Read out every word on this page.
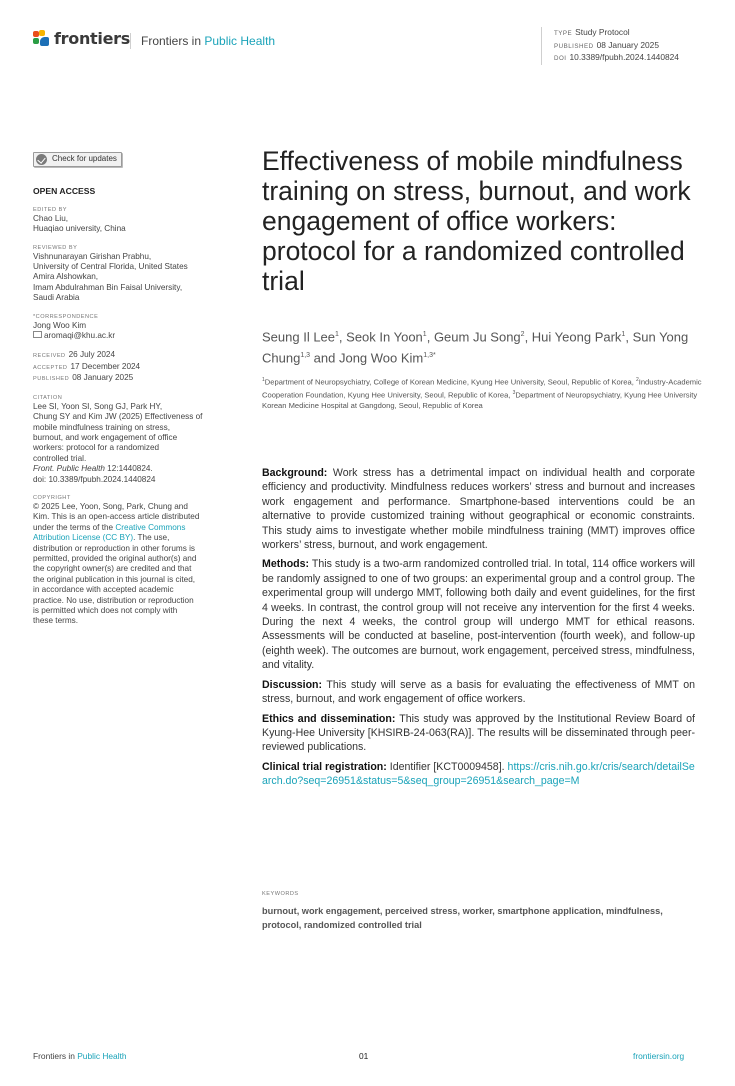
frontiers Frontiers in Public Health
TYPE Study Protocol
PUBLISHED 08 January 2025
DOI 10.3389/fpubh.2024.1440824
Check for updates
OPEN ACCESS
EDITED BY
Chao Liu,
Huaqiao university, China
REVIEWED BY
Vishnunarayan Girishan Prabhu,
University of Central Florida, United States
Amira Alshowkan,
Imam Abdulrahman Bin Faisal University,
Saudi Arabia
*CORRESPONDENCE
Jong Woo Kim
aromaqi@khu.ac.kr
RECEIVED 26 July 2024
ACCEPTED 17 December 2024
PUBLISHED 08 January 2025
CITATION
Lee SI, Yoon SI, Song GJ, Park HY,
Chung SY and Kim JW (2025) Effectiveness of
mobile mindfulness training on stress,
burnout, and work engagement of office
workers: protocol for a randomized
controlled trial.
Front. Public Health 12:1440824.
doi: 10.3389/fpubh.2024.1440824
COPYRIGHT
© 2025 Lee, Yoon, Song, Park, Chung and
Kim. This is an open-access article distributed
under the terms of the Creative Commons
Attribution License (CC BY). The use,
distribution or reproduction in other forums is
permitted, provided the original author(s) and
the copyright owner(s) are credited and that
the original publication in this journal is cited,
in accordance with accepted academic
practice. No use, distribution or reproduction
is permitted which does not comply with
these terms.
Effectiveness of mobile mindfulness training on stress, burnout, and work engagement of office workers: protocol for a randomized controlled trial
Seung Il Lee$^1$, Seok In Yoon$^1$, Geum Ju Song$^2$, Hui Yeong Park$^1$, Sun Yong Chung$^{1,3}$ and Jong Woo Kim$^{1,3*}$
$^1$Department of Neuropsychiatry, College of Korean Medicine, Kyung Hee University, Seoul, Republic of Korea, $^2$Industry-Academic Cooperation Foundation, Kyung Hee University, Seoul, Republic of Korea, $^3$Department of Neuropsychiatry, Kyung Hee University Korean Medicine Hospital at Gangdong, Seoul, Republic of Korea

Background: Work stress has a detrimental impact on individual health and corporate efficiency and productivity. Mindfulness reduces workers’ stress and burnout and increases work engagement and performance. Smartphone-based interventions could be an alternative to provide customized training without geographical or economic constraints. This study aims to investigate whether mobile mindfulness training (MMT) improves office workers’ stress, burnout, and work engagement.

Methods: This study is a two-arm randomized controlled trial. In total, 114 office workers will be randomly assigned to one of two groups: an experimental group and a control group. The experimental group will undergo MMT, following both daily and event guidelines, for the first 4 weeks. In contrast, the control group will not receive any intervention for the first 4 weeks. During the next 4 weeks, the control group will undergo MMT for ethical reasons. Assessments will be conducted at baseline, post-intervention (fourth week), and follow-up (eighth week). The outcomes are burnout, work engagement, perceived stress, mindfulness, and vitality.

Discussion: This study will serve as a basis for evaluating the effectiveness of MMT on stress, burnout, and work engagement of office workers.

Ethics and dissemination: This study was approved by the Institutional Review Board of Kyung-Hee University [KHSIRB-24-063(RA)]. The results will be disseminated through peer-reviewed publications.

Clinical trial registration: Identifier [KCT0009458]. https://cris.nih.go.kr/cris/search/detailSearch.do?seq=26951&status=5&seq_group=26951&search_page=M

KEYWORDS
burnout, work engagement, perceived stress, worker, smartphone application, mindfulness, protocol, randomized controlled trial
Frontiers in Public Health	01	frontiersin.org
